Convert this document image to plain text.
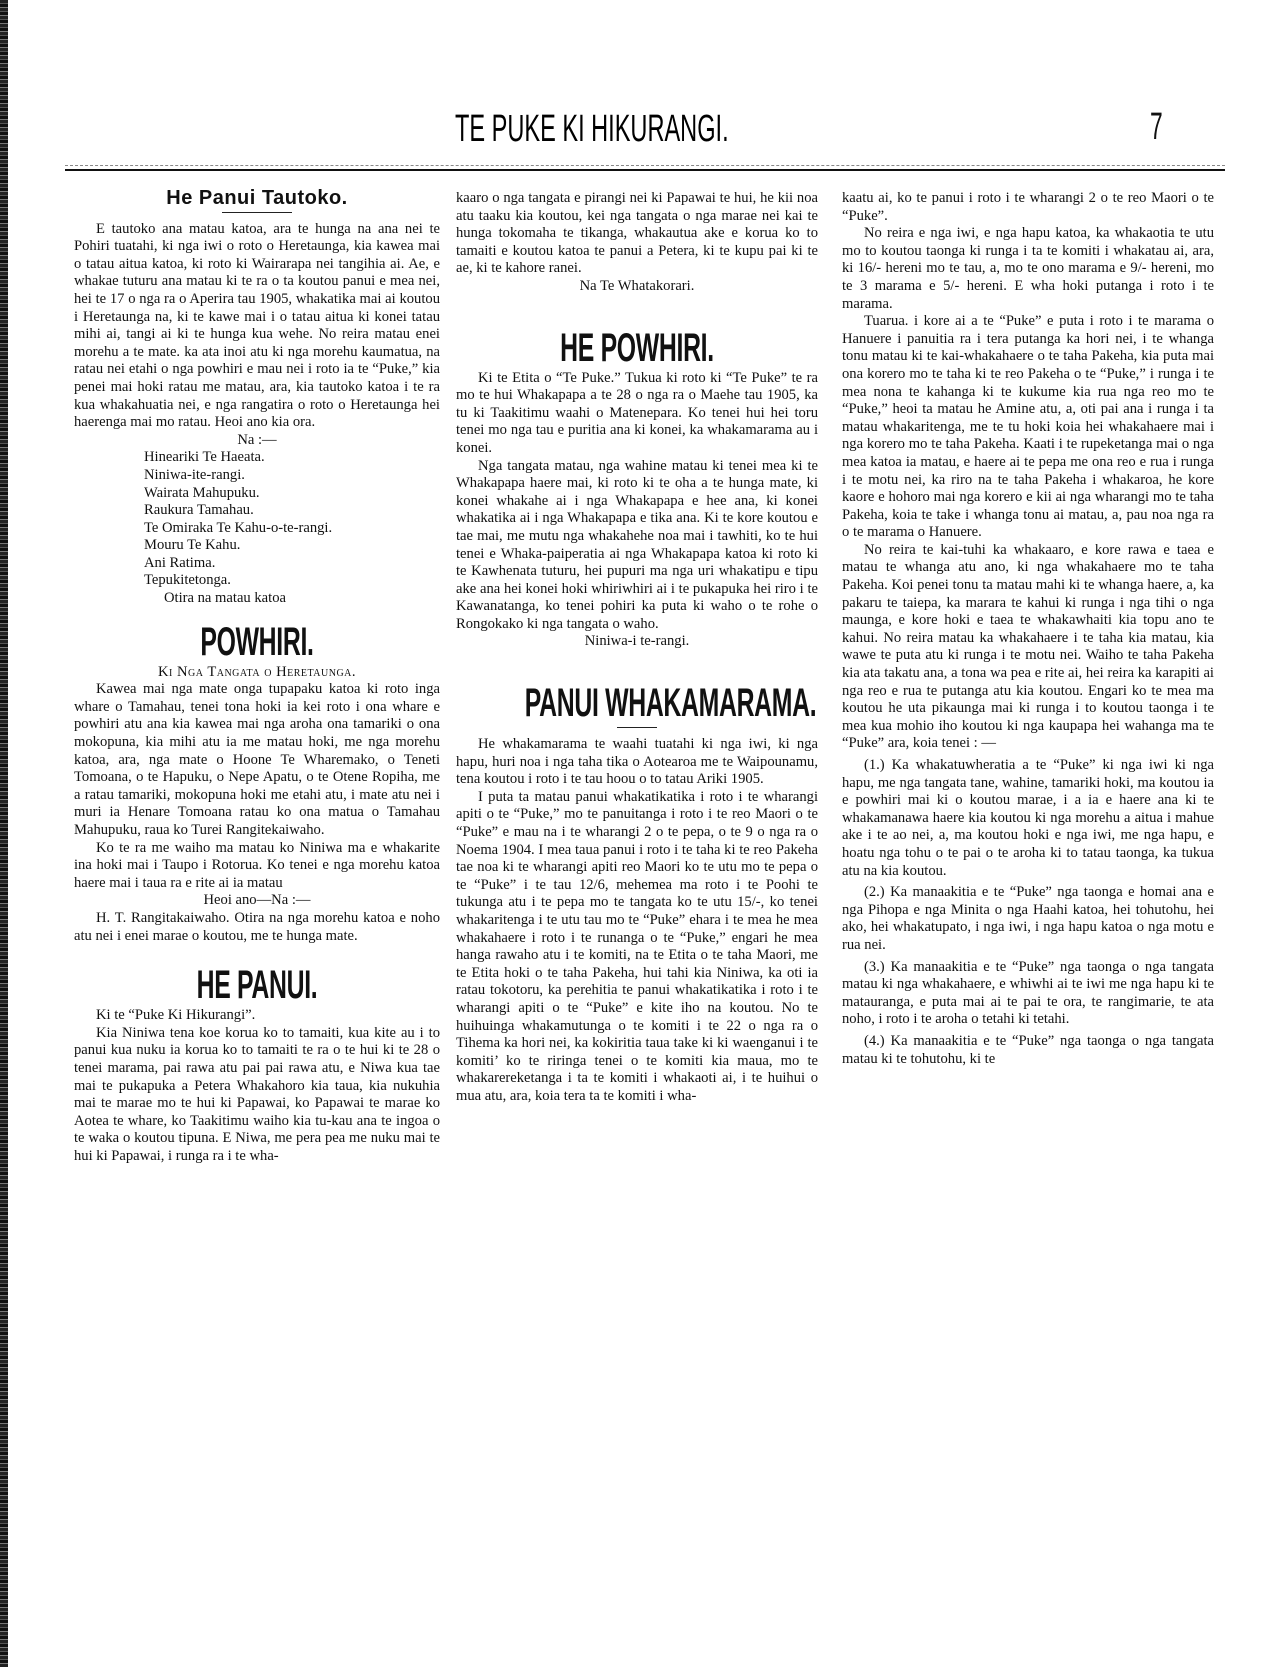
TE PUKE KI HIKURANGI.	7
He Panui Tautoko.

E tautoko ana matau katoa, ara te hunga na ana nei te Pohiri tuatahi, ki nga iwi o roto o Heretaunga, kia kawea mai o tatau aitua katoa, ki roto ki Wairarapa nei tangihia ai. Ae, e whakae tuturu ana matau ki te ra o ta koutou panui e mea nei, hei te 17 o nga ra o Aperira tau 1905, whakatika mai ai koutou i Heretaunga na, ki te kawe mai i o tatau aitua ki konei tatau mihi ai, tangi ai ki te hunga kua wehe. No reira matau enei morehu a te mate. ka ata inoi atu ki nga morehu kaumatua, na ratau nei etahi o nga powhiri e mau nei i roto ia te “Puke,” kia penei mai hoki ratau me matau, ara, kia tautoko katoa i te ra kua whakahuatia nei, e nga rangatira o roto o Heretaunga hei haerenga mai mo ratau. Heoi ano kia ora.

Na :—

Hineariki Te Haeata.
Niniwa-ite-rangi.
Wairata Mahupuku.
Raukura Tamahau.
Te Omiraka Te Kahu-o-te-rangi.
Mouru Te Kahu.
Ani Ratima.
Tepukitetonga.
Otira na matau katoa
POWHIRI.

Ki Nga Tangata o Heretaunga.

Kawea mai nga mate onga tupapaku katoa ki roto inga whare o Tamahau, tenei tona hoki ia kei roto i ona whare e powhiri atu ana kia kawea mai nga aroha ona tamariki o ona mokopuna, kia mihi atu ia me matau hoki, me nga morehu katoa, ara, nga mate o Hoone Te Wharemako, o Teneti Tomoana, o te Hapuku, o Nepe Apatu, o te Otene Ropiha, me a ratau tamariki, mokopuna hoki me etahi atu, i mate atu nei i muri ia Henare Tomoana ratau ko ona matua o Tamahau Mahupuku, raua ko Turei Rangitekaiwaho.

Ko te ra me waiho ma matau ko Niniwa ma e whakarite ina hoki mai i Taupo i Rotorua. Ko tenei e nga morehu katoa haere mai i taua ra e rite ai ia matau

Heoi ano—Na :—

H. T. Rangitakaiwaho. Otira na nga morehu katoa e noho atu nei i enei marae o koutou, me te hunga mate.

HE PANUI.

Ki te “Puke Ki Hikurangi”.

Kia Niniwa tena koe korua ko to tamaiti, kua kite au i to panui kua nuku ia korua ko to tamaiti te ra o te hui ki te 28 o tenei marama, pai rawa atu pai pai rawa atu, e Niwa kua tae mai te pukapuka a Petera Whakahoro kia taua, kia nukuhia mai te marae mo te hui ki Papawai, ko Papawai te marae ko Aotea te whare, ko Taakitimu waiho kia tu-kau ana te ingoa o te waka o koutou tipuna. E Niwa, me pera pea me nuku mai te hui ki Papawai, i runga ra i te wha-

kaaro o nga tangata e pirangi nei ki Papawai te hui, he kii noa atu taaku kia koutou, kei nga tangata o nga marae nei kai te hunga tokomaha te tikanga, whakautua ake e korua ko to tamaiti e koutou katoa te panui a Petera, ki te kupu pai ki te ae, ki te kahore ranei.

Na Te Whatakorari.

HE POWHIRI.

Ki te Etita o “Te Puke.” Tukua ki roto ki “Te Puke” te ra mo te hui Whakapapa a te 28 o nga ra o Maehe tau 1905, ka tu ki Taakitimu waahi o Matenepara. Ko tenei hui hei toru tenei mo nga tau e puritia ana ki konei, ka whakamarama au i konei.

Nga tangata matau, nga wahine matau ki tenei mea ki te Whakapapa haere mai, ki roto ki te oha a te hunga mate, ki konei whakahe ai i nga Whakapapa e hee ana, ki konei whakatika ai i nga Whakapapa e tika ana. Ki te kore koutou e tae mai, me mutu nga whakahehe noa mai i tawhiti, ko te hui tenei e Whaka-paiperatia ai nga Whakapapa katoa ki roto ki te Kawhenata tuturu, hei pupuri ma nga uri whakatipu e tipu ake ana hei konei hoki whiriwhiri ai i te pukapuka hei riro i te Kawanatanga, ko tenei pohiri ka puta ki waho o te rohe o Rongokako ki nga tangata o waho.

Niniwa-i te-rangi.

PANUI WHAKAMARAMA.

He whakamarama te waahi tuatahi ki nga iwi, ki nga hapu, huri noa i nga taha tika o Aotearoa me te Waipounamu, tena koutou i roto i te tau hoou o to tatau Ariki 1905.

I puta ta matau panui whakatikatika i roto i te wharangi apiti o te “Puke,” mo te panuitanga i roto i te reo Maori o te “Puke” e mau na i te wharangi 2 o te pepa, o te 9 o nga ra o Noema 1904. I mea taua panui i roto i te taha ki te reo Pakeha tae noa ki te wharangi apiti reo Maori ko te utu mo te pepa o te “Puke” i te tau 12/6, mehemea ma roto i te Poohi te tukunga atu i te pepa mo te tangata ko te utu 15/-, ko tenei whakaritenga i te utu tau mo te “Puke” ehara i te mea he mea whakahaere i roto i te runanga o te “Puke,” engari he mea hanga rawaho atu i te komiti, na te Etita o te taha Maori, me te Etita hoki o te taha Pakeha, hui tahi kia Niniwa, ka oti ia ratau tokotoru, ka perehitia te panui whakatikatika i roto i te wharangi apiti o te “Puke” e kite iho na koutou. No te huihuinga whakamutunga o te komiti i te 22 o nga ra o Tihema ka hori nei, ka kokiritia taua take ki ki waenganui i te komiti’ ko te riringa tenei o te komiti kia maua, mo te whakarereketanga i ta te komiti i whakaoti ai, i te huihui o mua atu, ara, koia tera ta te komiti i wha-

kaatu ai, ko te panui i roto i te wharangi 2 o te reo Maori o te “Puke”.

No reira e nga iwi, e nga hapu katoa, ka whakaotia te utu mo to koutou taonga ki runga i ta te komiti i whakatau ai, ara, ki 16/- hereni mo te tau, a, mo te ono marama e 9/- hereni, mo te 3 marama e 5/- hereni. E wha hoki putanga i roto i te marama.

Tuarua. i kore ai a te “Puke” e puta i roto i te marama o Hanuere i panuitia ra i tera putanga ka hori nei, i te whanga tonu matau ki te kai-whakahaere o te taha Pakeha, kia puta mai ona korero mo te taha ki te reo Pakeha o te “Puke,” i runga i te mea nona te kahanga ki te kukume kia rua nga reo mo te “Puke,” heoi ta matau he Amine atu, a, oti pai ana i runga i ta matau whakaritenga, me te tu hoki koia hei whakahaere mai i nga korero mo te taha Pakeha. Kaati i te rupeketanga mai o nga mea katoa ia matau, e haere ai te pepa me ona reo e rua i runga i te motu nei, ka riro na te taha Pakeha i whakaroa, he kore kaore e hohoro mai nga korero e kii ai nga wharangi mo te taha Pakeha, koia te take i whanga tonu ai matau, a, pau noa nga ra o te marama o Hanuere.

No reira te kai-tuhi ka whakaaro, e kore rawa e taea e matau te whanga atu ano, ki nga whakahaere mo te taha Pakeha. Koi penei tonu ta matau mahi ki te whanga haere, a, ka pakaru te taiepa, ka marara te kahui ki runga i nga tihi o nga maunga, e kore hoki e taea te whakawhaiti kia topu ano te kahui. No reira matau ka whakahaere i te taha kia matau, kia wawe te puta atu ki runga i te motu nei. Waiho te taha Pakeha kia ata takatu ana, a tona wa pea e rite ai, hei reira ka karapiti ai nga reo e rua te putanga atu kia koutou. Engari ko te mea ma koutou he uta pikaunga mai ki runga i to koutou taonga i te mea kua mohio iho koutou ki nga kaupapa hei wahanga ma te “Puke” ara, koia tenei : —

(1.) Ka whakatuwheratia a te “Puke” ki nga iwi ki nga hapu, me nga tangata tane, wahine, tamariki hoki, ma koutou ia e powhiri mai ki o koutou marae, i a ia e haere ana ki te whakamanawa haere kia koutou ki nga morehu a aitua i mahue ake i te ao nei, a, ma koutou hoki e nga iwi, me nga hapu, e hoatu nga tohu o te pai o te aroha ki to tatau taonga, ka tukua atu na kia koutou.

(2.) Ka manaakitia e te “Puke” nga taonga e homai ana e nga Pihopa e nga Minita o nga Haahi katoa, hei tohutohu, hei ako, hei whakatupato, i nga iwi, i nga hapu katoa o nga motu e rua nei.

(3.) Ka manaakitia e te “Puke” nga taonga o nga tangata matau ki nga whakahaere, e whiwhi ai te iwi me nga hapu ki te matauranga, e puta mai ai te pai te ora, te rangimarie, te ata noho, i roto i te aroha o tetahi ki tetahi.

(4.) Ka manaakitia e te “Puke” nga taonga o nga tangata matau ki te tohutohu, ki te
